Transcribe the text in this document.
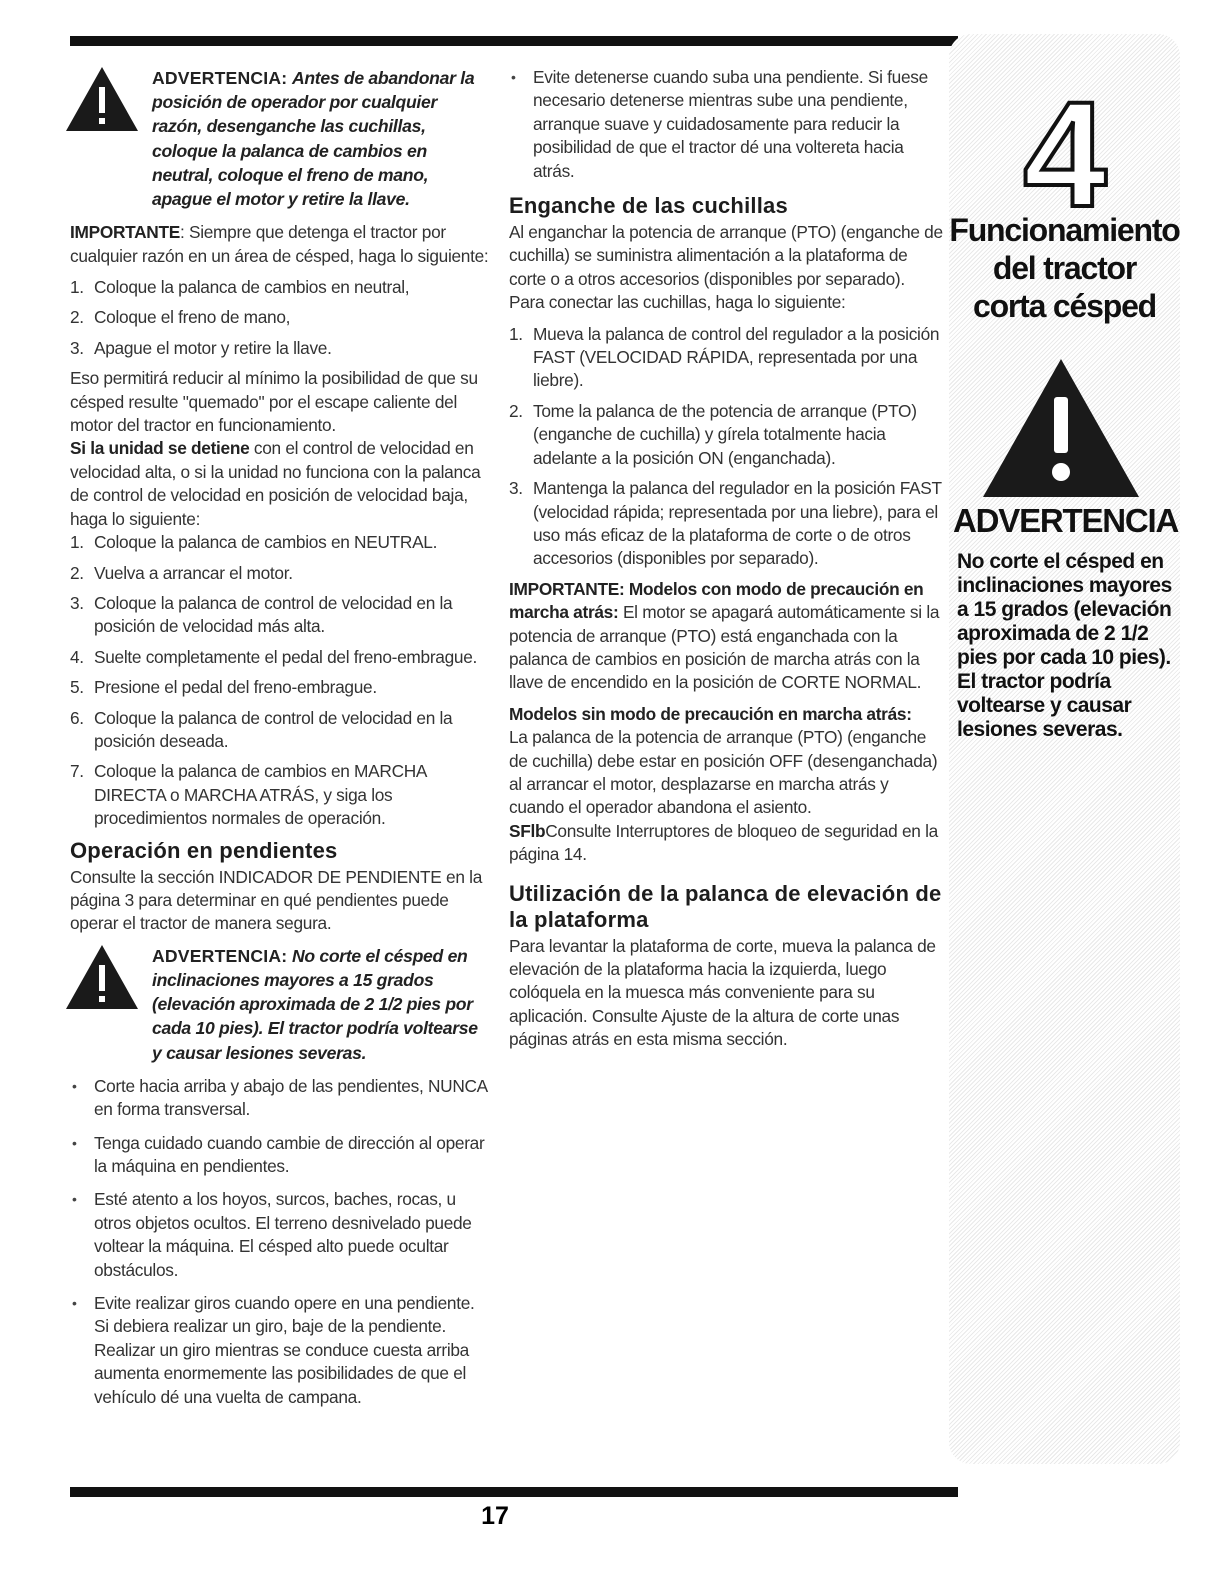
ADVERTENCIA: Antes de abandonar la posición de operador por cualquier razón, desenganche las cuchillas, coloque la palanca de cambios en neutral, coloque el freno de mano, apague el motor y retire la llave.

IMPORTANTE: Siempre que detenga el tractor por cualquier razón en un área de césped, haga lo siguiente:

1. Coloque la palanca de cambios en neutral,
2. Coloque el freno de mano,
3. Apague el motor y retire la llave.

Eso permitirá reducir al mínimo la posibilidad de que su césped resulte "quemado" por el escape caliente del motor del tractor en funcionamiento.

Si la unidad se detiene con el control de velocidad en velocidad alta, o si la unidad no funciona con la palanca de control de velocidad en posición de velocidad baja, haga lo siguiente:

1. Coloque la palanca de cambios en NEUTRAL.
2. Vuelva a arrancar el motor.
3. Coloque la palanca de control de velocidad en la posición de velocidad más alta.
4. Suelte completamente el pedal del freno-embrague.
5. Presione el pedal del freno-embrague.
6. Coloque la palanca de control de velocidad en la posición deseada.
7. Coloque la palanca de cambios en MARCHA DIRECTA o MARCHA ATRÁS, y siga los procedimientos normales de operación.
Operación en pendientes

Consulte la sección INDICADOR DE PENDIENTE en la página 3 para determinar en qué pendientes puede operar el tractor de manera segura.

ADVERTENCIA: No corte el césped en inclinaciones mayores a 15 grados (elevación aproximada de 2 1/2 pies por cada 10 pies). El tractor podría voltearse y causar lesiones severas.
• Corte hacia arriba y abajo de las pendientes, NUNCA en forma transversal.
• Tenga cuidado cuando cambie de dirección al operar la máquina en pendientes.
• Esté atento a los hoyos, surcos, baches, rocas, u otros objetos ocultos. El terreno desnivelado puede voltear la máquina. El césped alto puede ocultar obstáculos.
• Evite realizar giros cuando opere en una pendiente. Si debiera realizar un giro, baje de la pendiente. Realizar un giro mientras se conduce cuesta arriba aumenta enormemente las posibilidades de que el vehículo dé una vuelta de campana.
• Evite detenerse cuando suba una pendiente. Si fuese necesario detenerse mientras sube una pendiente, arranque suave y cuidadosamente para reducir la posibilidad de que el tractor dé una voltereta hacia atrás.
Enganche de las cuchillas

Al enganchar la potencia de arranque (PTO) (enganche de cuchilla) se suministra alimentación a la plataforma de corte o a otros accesorios (disponibles por separado). Para conectar las cuchillas, haga lo siguiente:

1. Mueva la palanca de control del regulador a la posición FAST (VELOCIDAD RÁPIDA, representada por una liebre).
2. Tome la palanca de the potencia de arranque (PTO) (enganche de cuchilla) y gírela totalmente hacia adelante a la posición ON (enganchada).
3. Mantenga la palanca del regulador en la posición FAST (velocidad rápida; representada por una liebre), para el uso más eficaz de la plataforma de corte o de otros accesorios (disponibles por separado).

IMPORTANTE: Modelos con modo de precaución en marcha atrás: El motor se apagará automáticamente si la potencia de arranque (PTO) está enganchada con la palanca de cambios en posición de marcha atrás con la llave de encendido en la posición de CORTE NORMAL.

Modelos sin modo de precaución en marcha atrás:
La palanca de la potencia de arranque (PTO) (enganche de cuchilla) debe estar en posición OFF (desenganchada) al arrancar el motor, desplazarse en marcha atrás y cuando el operador abandona el asiento.
SFlbConsulte Interruptores de bloqueo de seguridad en la página 14.

Utilización de la palanca de elevación de la plataforma

Para levantar la plataforma de corte, mueva la palanca de elevación de la plataforma hacia la izquierda, luego colóquela en la muesca más conveniente para su aplicación. Consulte Ajuste de la altura de corte unas páginas atrás en esta misma sección.

4
Funcionamiento
del tractor
corta césped
ADVERTENCIA
No corte el césped en inclinaciones mayores a 15 grados (elevación aproximada de 2 1/2 pies por cada 10 pies). El tractor podría voltearse y causar lesiones severas.
17
